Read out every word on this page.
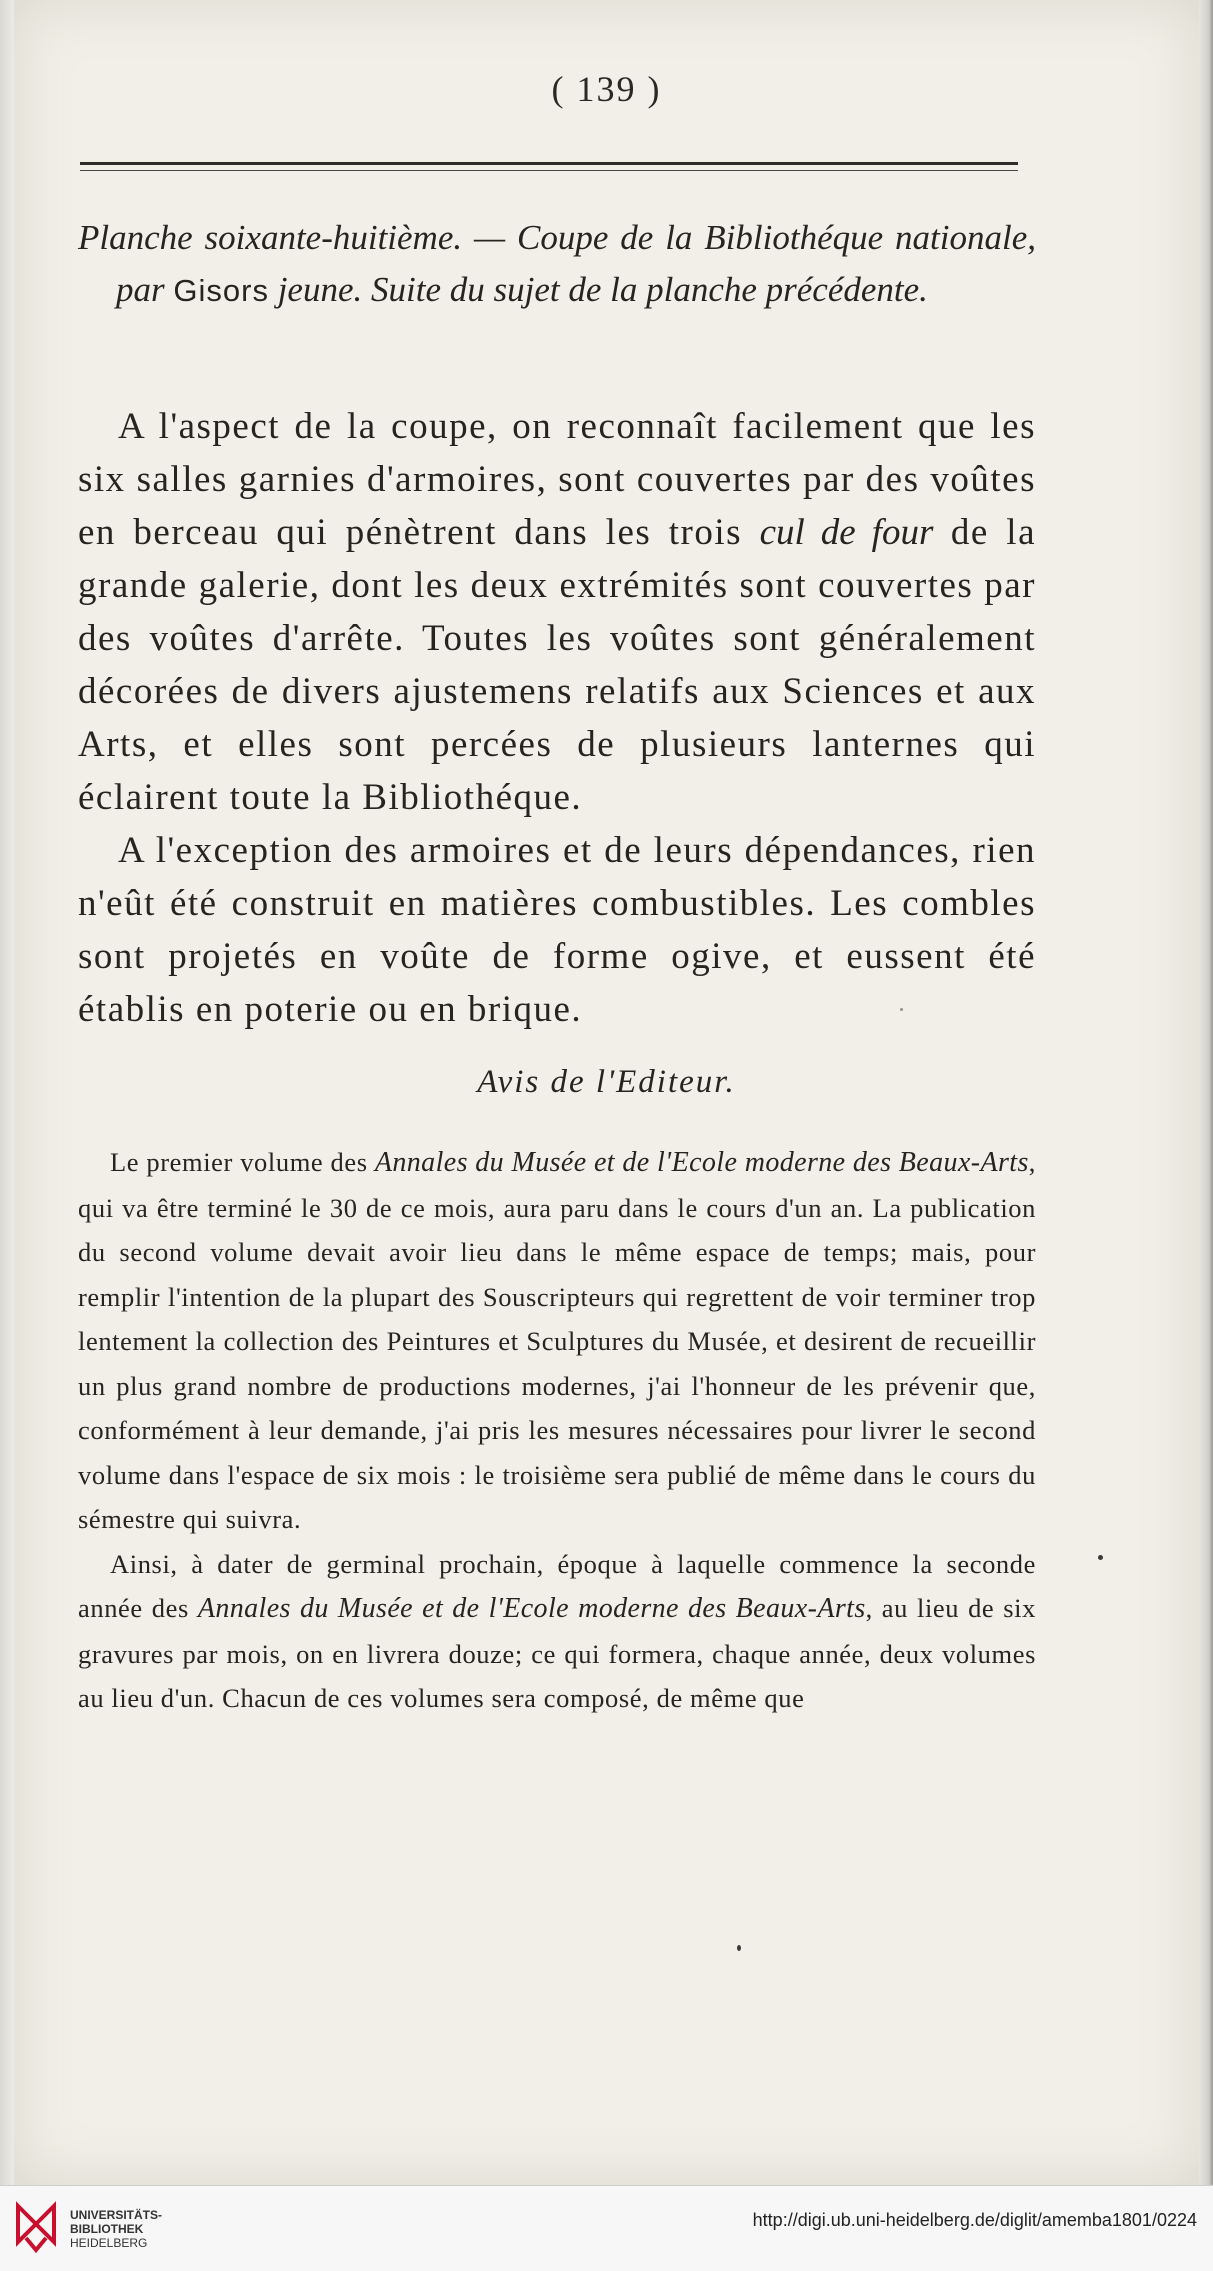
( 139 )
Planche soixante-huitième. — Coupe de la Bibliothéque nationale, par Gisors jeune. Suite du sujet de la planche précédente.

A l'aspect de la coupe, on reconnaît facilement que les six salles garnies d'armoires, sont couvertes par des voûtes en berceau qui pénètrent dans les trois cul de four de la grande galerie, dont les deux extrémités sont couvertes par des voûtes d'arrête. Toutes les voûtes sont généralement décorées de divers ajustemens relatifs aux Sciences et aux Arts, et elles sont percées de plusieurs lanternes qui éclairent toute la Bibliothéque.

A l'exception des armoires et de leurs dépendances, rien n'eût été construit en matières combustibles. Les combles sont projetés en voûte de forme ogive, et eussent été établis en poterie ou en brique.

Avis de l'Editeur.

Le premier volume des Annales du Musée et de l'Ecole moderne des Beaux-Arts, qui va être terminé le 30 de ce mois, aura paru dans le cours d'un an. La publication du second volume devait avoir lieu dans le même espace de temps; mais, pour remplir l'intention de la plupart des Souscripteurs qui regrettent de voir terminer trop lentement la collection des Peintures et Sculptures du Musée, et desirent de recueillir un plus grand nombre de productions modernes, j'ai l'honneur de les prévenir que, conformément à leur demande, j'ai pris les mesures nécessaires pour livrer le second volume dans l'espace de six mois : le troisième sera publié de même dans le cours du sémestre qui suivra.

Ainsi, à dater de germinal prochain, époque à laquelle commence la seconde année des Annales du Musée et de l'Ecole moderne des Beaux-Arts, au lieu de six gravures par mois, on en livrera douze; ce qui formera, chaque année, deux volumes au lieu d'un. Chacun de ces volumes sera composé, de même que

UNIVERSITÄTS-
BIBLIOTHEK
HEIDELBERG
http://digi.ub.uni-heidelberg.de/diglit/amemba1801/0224
